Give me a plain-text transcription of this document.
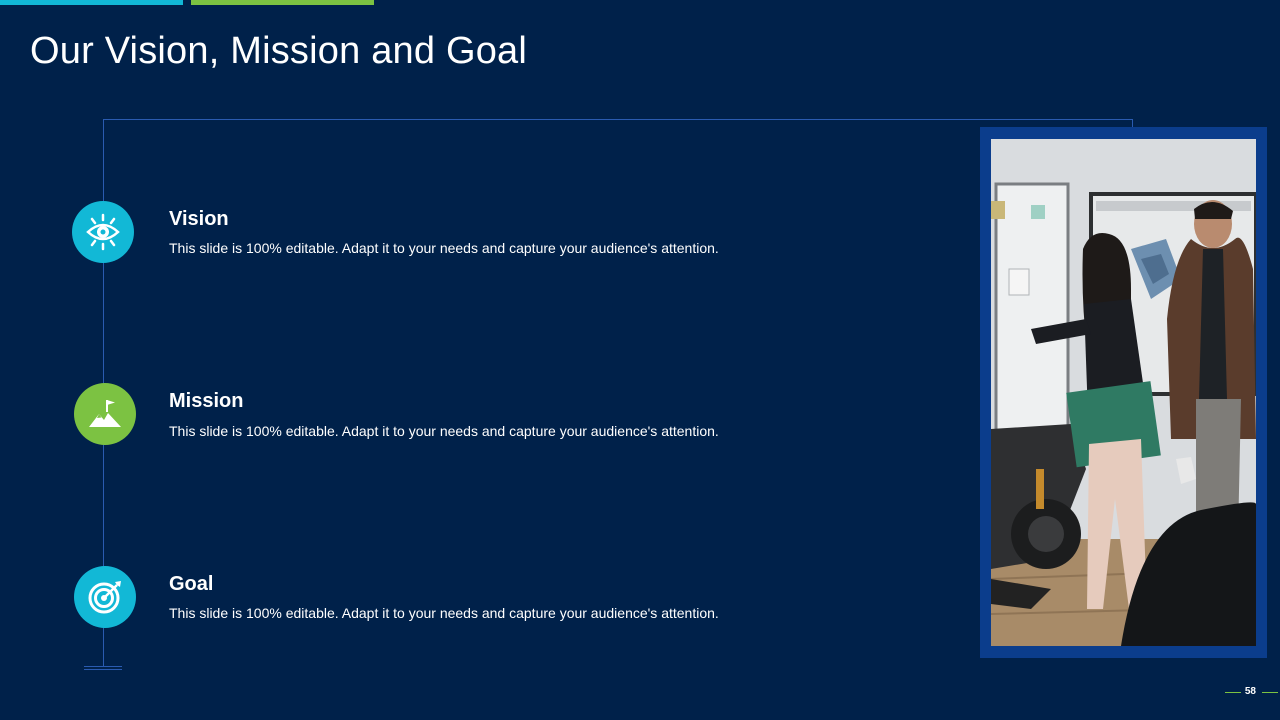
Our Vision, Mission and Goal
Vision
This slide is 100% editable. Adapt it to your needs and capture your audience's attention.
Mission
This slide is 100% editable. Adapt it to your needs and capture your audience's attention.
Goal
This slide is 100% editable. Adapt it to your needs and capture your audience's attention.
58
